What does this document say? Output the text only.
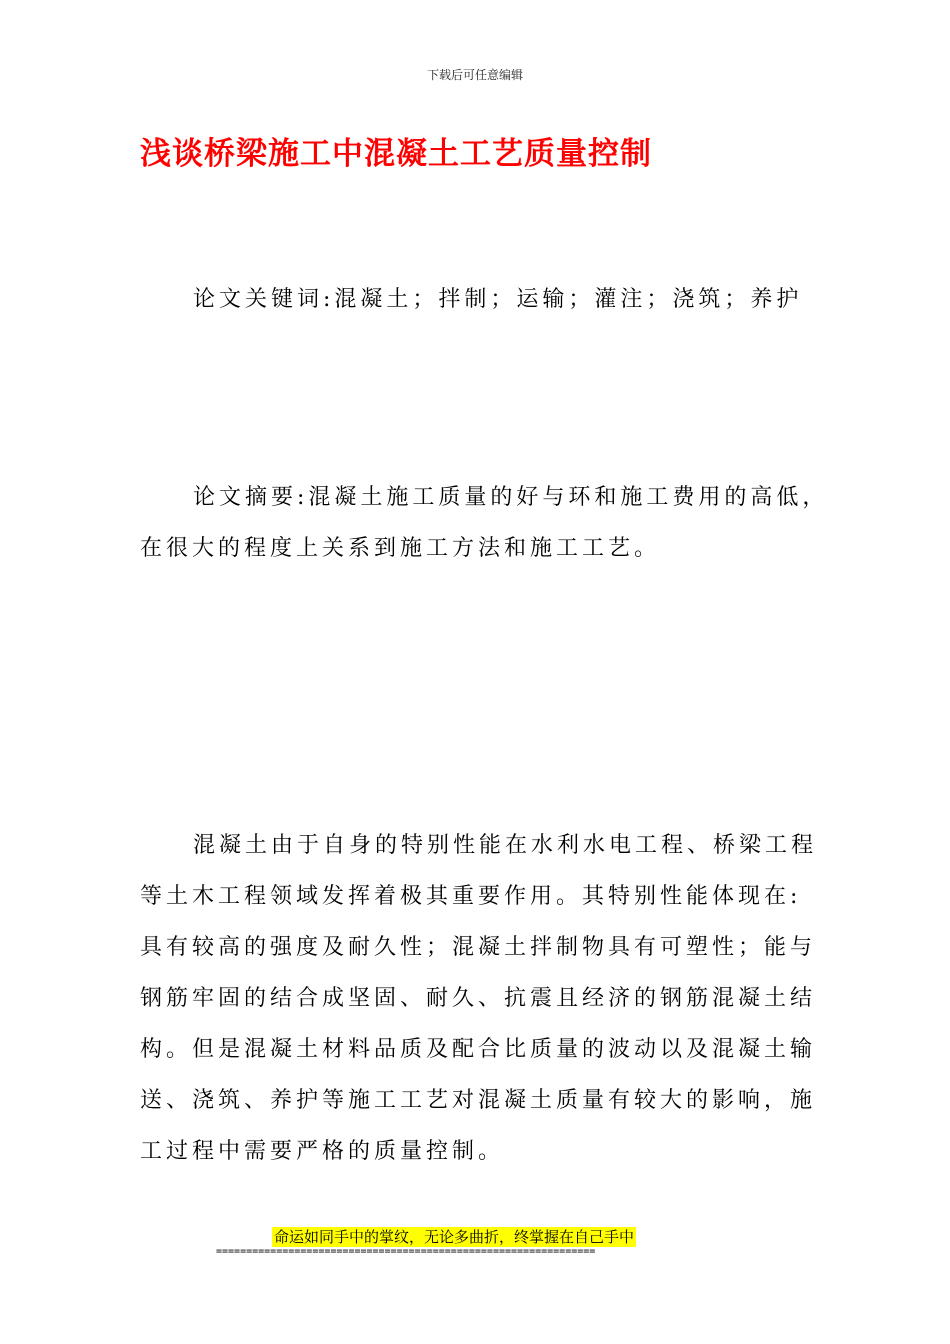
下载后可任意编辑
浅谈桥梁施工中混凝土工艺质量控制
论文关键词:混凝土；拌制；运输；灌注；浇筑；养护
论文摘要:混凝土施工质量的好与环和施工费用的高低，
在很大的程度上关系到施工方法和施工工艺。
混凝土由于自身的特别性能在水利水电工程、桥梁工程
等土木工程领域发挥着极其重要作用。其特别性能体现在:
具有较高的强度及耐久性；混凝土拌制物具有可塑性；能与
钢筋牢固的结合成坚固、耐久、抗震且经济的钢筋混凝土结
构。但是混凝土材料品质及配合比质量的波动以及混凝土输
送、浇筑、养护等施工工艺对混凝土质量有较大的影响，施
工过程中需要严格的质量控制。
命运如同手中的掌纹，无论多曲折，终掌握在自己手中
===============================================================
